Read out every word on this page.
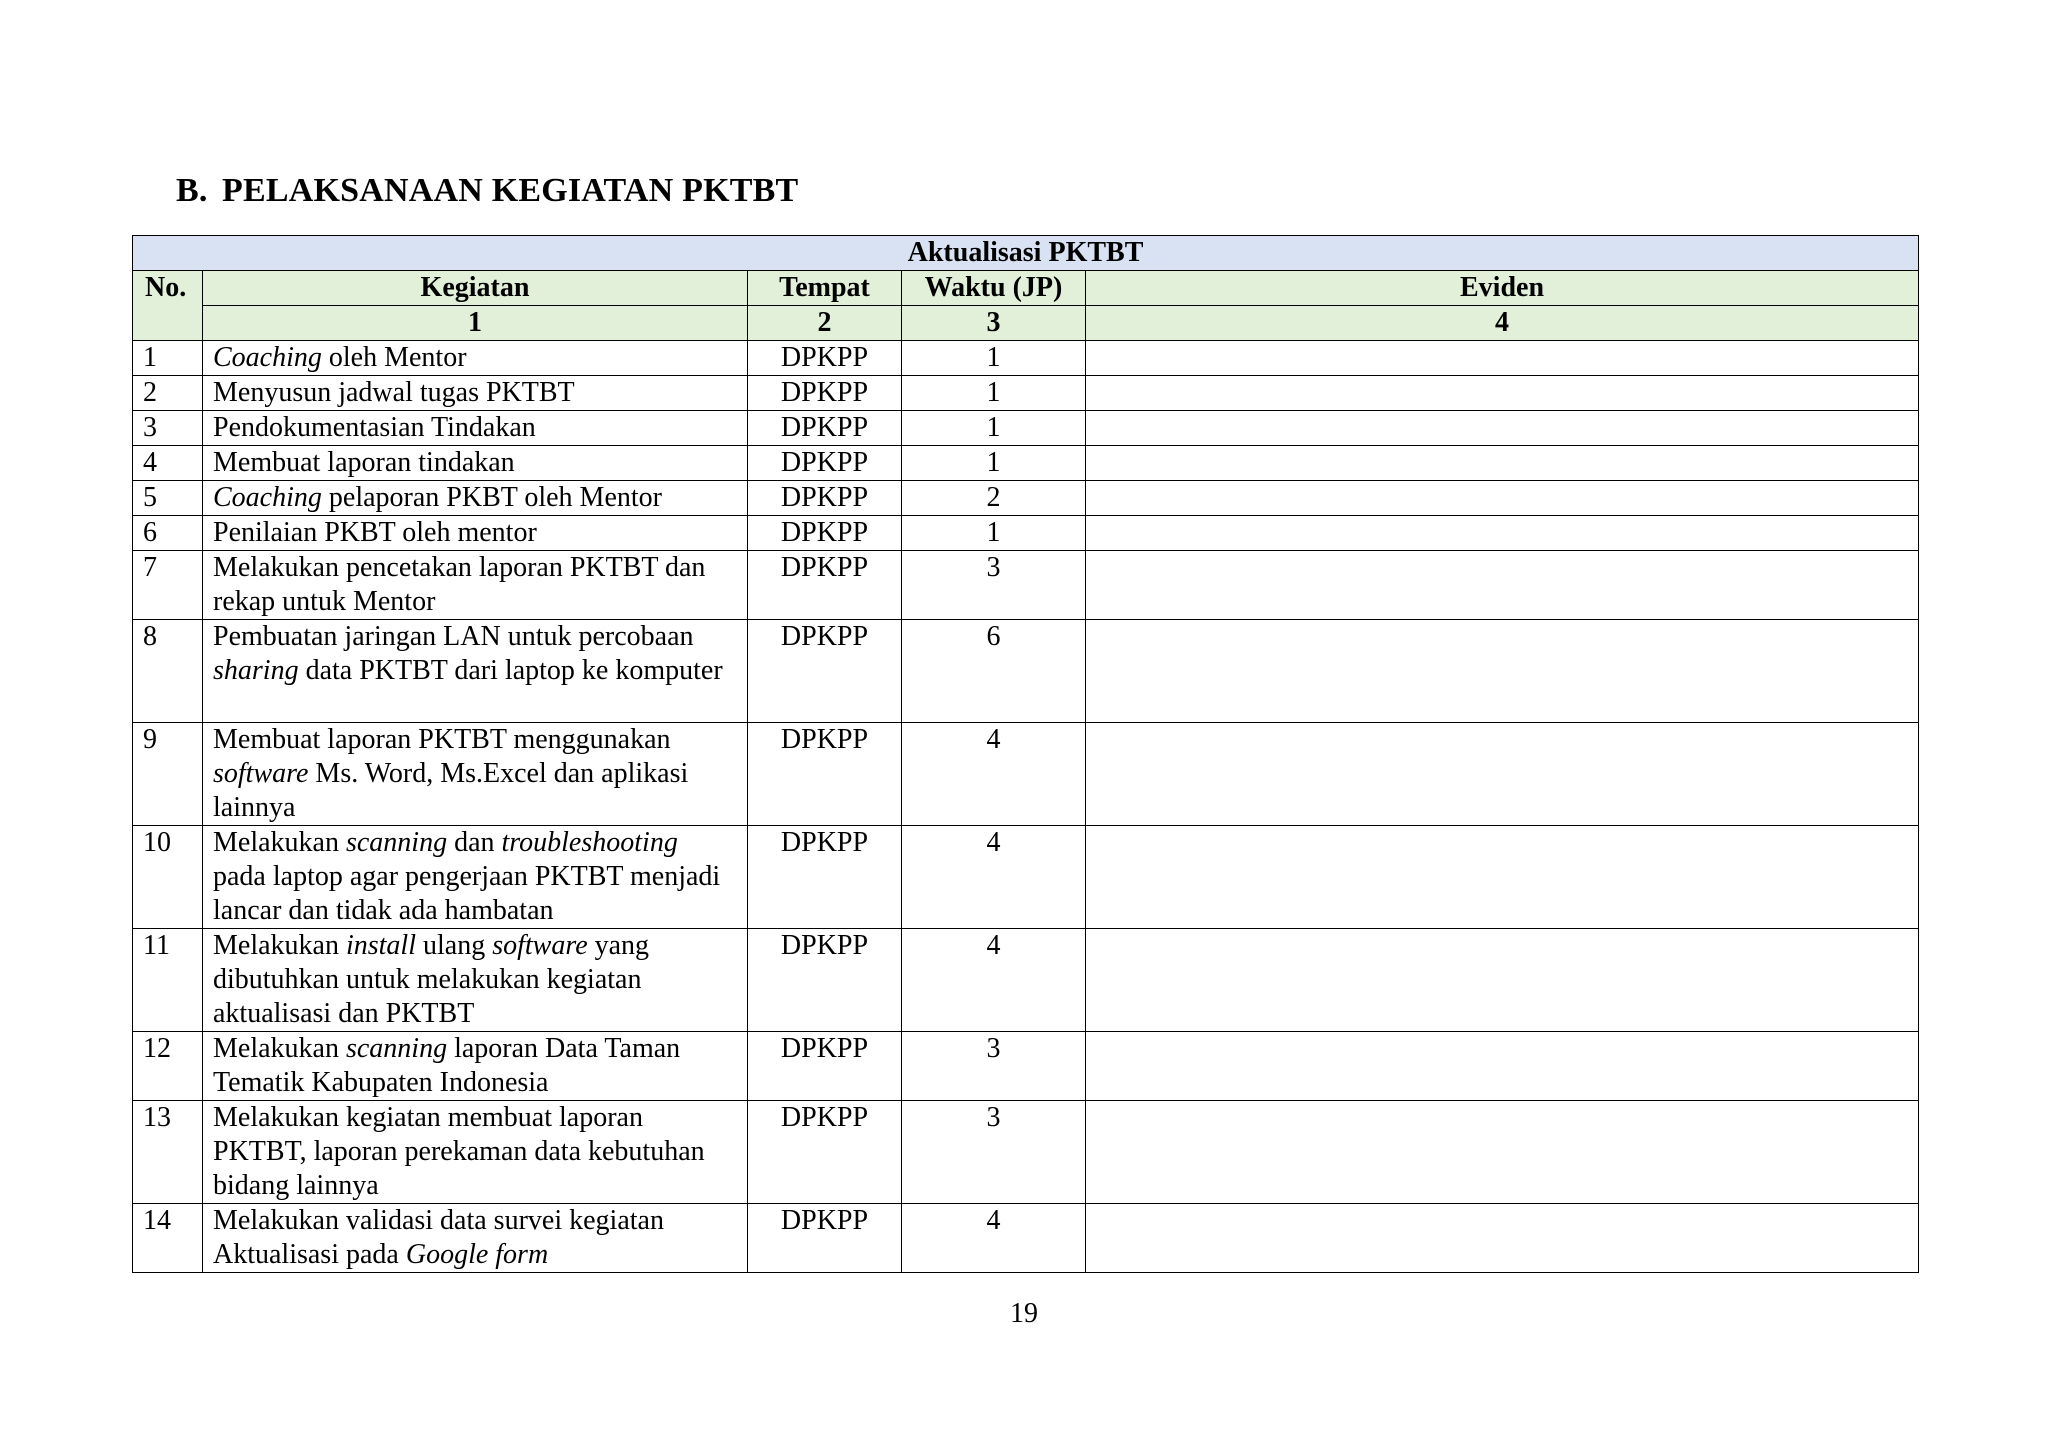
B. PELAKSANAAN KEGIATAN PKTBT
Aktualisasi PKTBT				
No.	Kegiatan	Tempat	Waktu (JP)	Eviden
	1	2	3	4
1	Coaching oleh Mentor	DPKPP	1	
2	Menyusun jadwal tugas PKTBT	DPKPP	1	
3	Pendokumentasian Tindakan	DPKPP	1	
4	Membuat laporan tindakan	DPKPP	1	
5	Coaching pelaporan PKBT oleh Mentor	DPKPP	2	
6	Penilaian PKBT oleh mentor	DPKPP	1	
7	Melakukan pencetakan laporan PKTBT dan rekap untuk Mentor	DPKPP	3	
8	Pembuatan jaringan LAN untuk percobaan sharing data PKTBT dari laptop ke komputer	DPKPP	6	
9	Membuat laporan PKTBT menggunakan software Ms. Word, Ms.Excel dan aplikasi lainnya	DPKPP	4	
10	Melakukan scanning dan troubleshooting pada laptop agar pengerjaan PKTBT menjadi lancar dan tidak ada hambatan	DPKPP	4	
11	Melakukan install ulang software yang dibutuhkan untuk melakukan kegiatan aktualisasi dan PKTBT	DPKPP	4	
12	Melakukan scanning laporan Data Taman Tematik Kabupaten Indonesia	DPKPP	3	
13	Melakukan kegiatan membuat laporan PKTBT, laporan perekaman data kebutuhan bidang lainnya	DPKPP	3	
14	Melakukan validasi data survei kegiatan Aktualisasi pada Google form	DPKPP	4	
19
